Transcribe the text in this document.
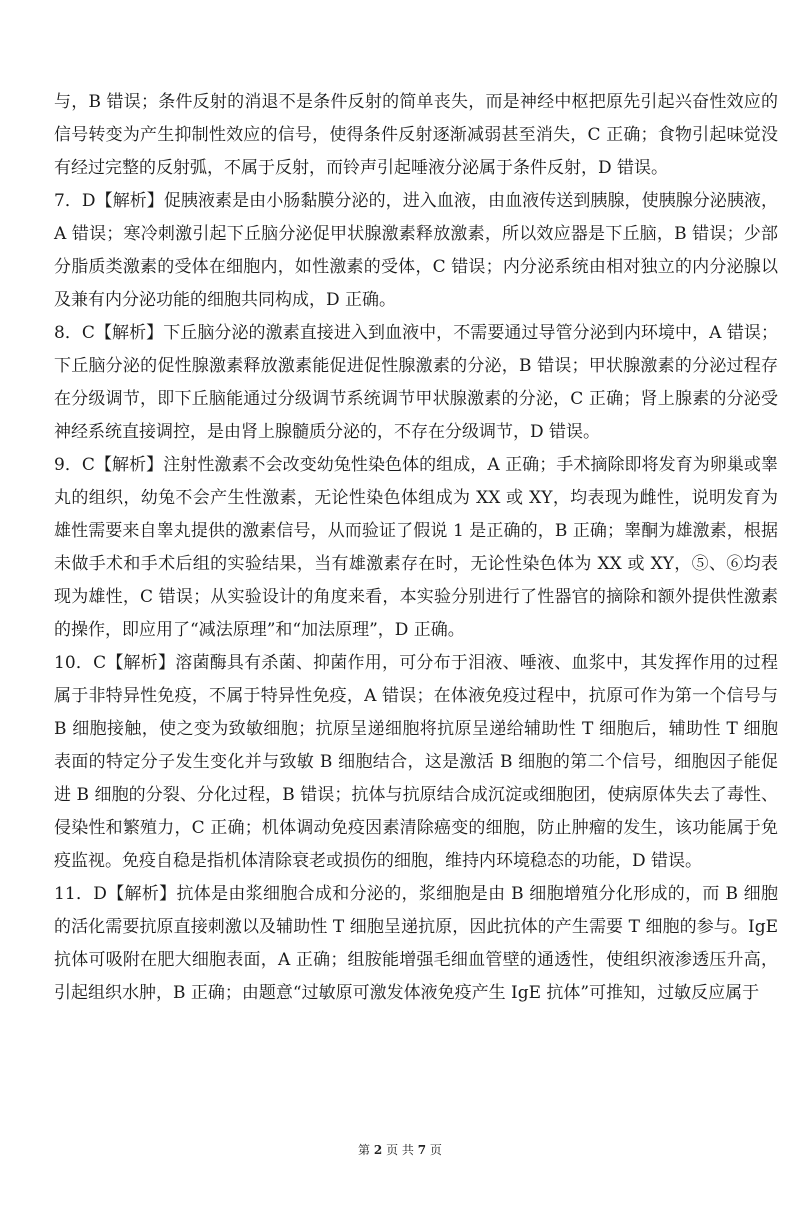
与，B 错误；条件反射的消退不是条件反射的简单丧失，而是神经中枢把原先引起兴奋性效应的信号转变为产生抑制性效应的信号，使得条件反射逐渐减弱甚至消失，C 正确；食物引起味觉没有经过完整的反射弧，不属于反射，而铃声引起唾液分泌属于条件反射，D 错误。

7．D【解析】促胰液素是由小肠黏膜分泌的，进入血液，由血液传送到胰腺，使胰腺分泌胰液，A 错误；寒冷刺激引起下丘脑分泌促甲状腺激素释放激素，所以效应器是下丘脑，B 错误；少部分脂质类激素的受体在细胞内，如性激素的受体，C 错误；内分泌系统由相对独立的内分泌腺以及兼有内分泌功能的细胞共同构成，D 正确。

8．C【解析】下丘脑分泌的激素直接进入到血液中，不需要通过导管分泌到内环境中，A 错误；下丘脑分泌的促性腺激素释放激素能促进促性腺激素的分泌，B 错误；甲状腺激素的分泌过程存在分级调节，即下丘脑能通过分级调节系统调节甲状腺激素的分泌，C 正确；肾上腺素的分泌受神经系统直接调控，是由肾上腺髓质分泌的，不存在分级调节，D 错误。

9．C【解析】注射性激素不会改变幼兔性染色体的组成，A 正确；手术摘除即将发育为卵巢或睾丸的组织，幼兔不会产生性激素，无论性染色体组成为 XX 或 XY，均表现为雌性，说明发育为雄性需要来自睾丸提供的激素信号，从而验证了假说 1 是正确的，B 正确；睾酮为雄激素，根据未做手术和手术后组的实验结果，当有雄激素存在时，无论性染色体为 XX 或 XY，⑤、⑥均表现为雄性，C 错误；从实验设计的角度来看，本实验分别进行了性器官的摘除和额外提供性激素的操作，即应用了“减法原理”和“加法原理”，D 正确。

10．C【解析】溶菌酶具有杀菌、抑菌作用，可分布于泪液、唾液、血浆中，其发挥作用的过程属于非特异性免疫，不属于特异性免疫，A 错误；在体液免疫过程中，抗原可作为第一个信号与 B 细胞接触，使之变为致敏细胞；抗原呈递细胞将抗原呈递给辅助性 T 细胞后，辅助性 T 细胞表面的特定分子发生变化并与致敏 B 细胞结合，这是激活 B 细胞的第二个信号，细胞因子能促进 B 细胞的分裂、分化过程，B 错误；抗体与抗原结合成沉淀或细胞团，使病原体失去了毒性、侵染性和繁殖力，C 正确；机体调动免疫因素清除癌变的细胞，防止肿瘤的发生，该功能属于免疫监视。免疫自稳是指机体清除衰老或损伤的细胞，维持内环境稳态的功能，D 错误。

11．D【解析】抗体是由浆细胞合成和分泌的，浆细胞是由 B 细胞增殖分化形成的，而 B 细胞的活化需要抗原直接刺激以及辅助性 T 细胞呈递抗原，因此抗体的产生需要 T 细胞的参与。IgE 抗体可吸附在肥大细胞表面，A 正确；组胺能增强毛细血管壁的通透性，使组织液渗透压升高，引起组织水肿，B 正确；由题意“过敏原可激发体液免疫产生 IgE 抗体”可推知，过敏反应属于

第 2 页 共 7 页
